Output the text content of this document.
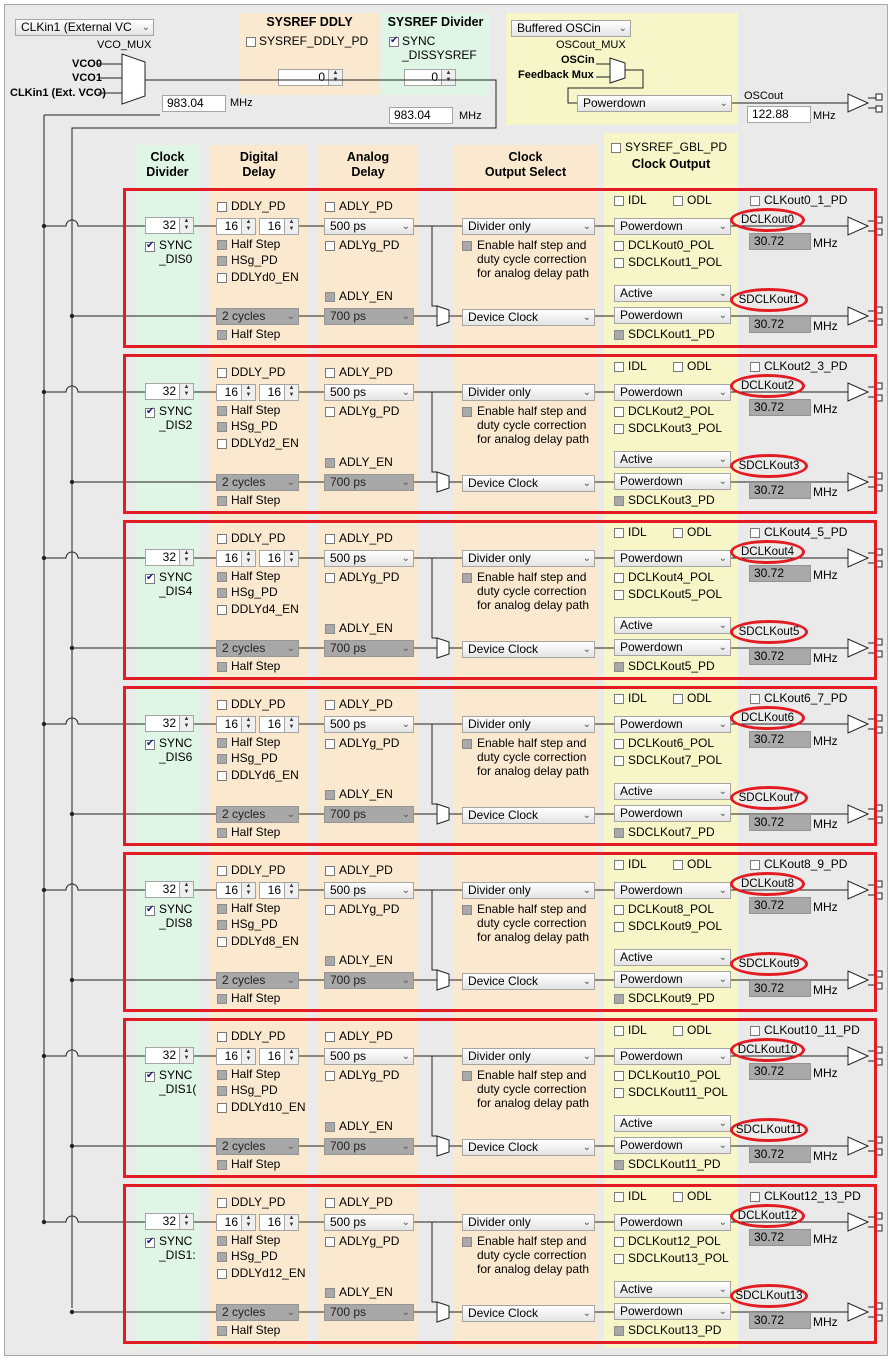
CLKin1 (External VC ⌄
VCO_MUX
VCO0
VCO1
CLKin1 (Ext. VCO)
983.04	MHz
SYSREF DDLY
SYSREF_DDLY_PD
0	▲
▼
SYSREF Divider
✔
SYNC
_DISSYSREF
0	▲
▼
983.04	MHz
Buffered OSCin ⌄
OSCout_MUX
OSCin
Feedback Mux
Powerdown	⌄
OSCout
122.88	MHz
Clock
Divider
Digital
Delay
Analog
Delay
Clock
Output Select
SYSREF_GBL_PD
Clock Output
32	▲
▼
✔
SYNC
_DIS0
DDLY_PD
16	▲
▼	16	▲
▼
Half Step
HSg_PD
DDLYd0_EN
2 cycles ⌄
Half Step
ADLY_PD
500 ps	⌄
ADLYg_PD
ADLY_EN
700 ps	⌄
Divider only	⌄
Enable half step and
duty cycle correction
for analog delay path
Device Clock	⌄
IDL	ODL
Powerdown	⌄
DCLKout0_POL
SDCLKout1_POL
Active	⌄
Powerdown	⌄
SDCLKout1_PD
CLKout0_1_PD
DCLKout0
30.72	MHz
SDCLKout1
30.72	MHz
32	▲
▼
✔
SYNC
_DIS2
DDLY_PD
16	▲
▼	16	▲
▼
Half Step
HSg_PD
DDLYd2_EN
2 cycles ⌄
Half Step
ADLY_PD
500 ps	⌄
ADLYg_PD
ADLY_EN
700 ps	⌄
Divider only	⌄
Enable half step and
duty cycle correction
for analog delay path
Device Clock	⌄
IDL	ODL
Powerdown	⌄
DCLKout2_POL
SDCLKout3_POL
Active	⌄
Powerdown	⌄
SDCLKout3_PD
CLKout2_3_PD
DCLKout2
30.72	MHz
SDCLKout3
30.72	MHz
32	▲
▼
✔
SYNC
_DIS4
DDLY_PD
16	▲
▼	16	▲
▼
Half Step
HSg_PD
DDLYd4_EN
2 cycles ⌄
Half Step
ADLY_PD
500 ps	⌄
ADLYg_PD
ADLY_EN
700 ps	⌄
Divider only	⌄
Enable half step and
duty cycle correction
for analog delay path
Device Clock	⌄
IDL	ODL
Powerdown	⌄
DCLKout4_POL
SDCLKout5_POL
Active	⌄
Powerdown	⌄
SDCLKout5_PD
CLKout4_5_PD
DCLKout4
30.72	MHz
SDCLKout5
30.72	MHz
32	▲
▼
✔
SYNC
_DIS6
DDLY_PD
16	▲
▼	16	▲
▼
Half Step
HSg_PD
DDLYd6_EN
2 cycles ⌄
Half Step
ADLY_PD
500 ps	⌄
ADLYg_PD
ADLY_EN
700 ps	⌄
Divider only	⌄
Enable half step and
duty cycle correction
for analog delay path
Device Clock	⌄
IDL	ODL
Powerdown	⌄
DCLKout6_POL
SDCLKout7_POL
Active	⌄
Powerdown	⌄
SDCLKout7_PD
CLKout6_7_PD
DCLKout6
30.72	MHz
SDCLKout7
30.72	MHz
32	▲
▼
✔
SYNC
_DIS8
DDLY_PD
16	▲
▼	16	▲
▼
Half Step
HSg_PD
DDLYd8_EN
2 cycles ⌄
Half Step
ADLY_PD
500 ps	⌄
ADLYg_PD
ADLY_EN
700 ps	⌄
Divider only	⌄
Enable half step and
duty cycle correction
for analog delay path
Device Clock	⌄
IDL	ODL
Powerdown	⌄
DCLKout8_POL
SDCLKout9_POL
Active	⌄
Powerdown	⌄
SDCLKout9_PD
CLKout8_9_PD
DCLKout8
30.72	MHz
SDCLKout9
30.72	MHz
32	▲
▼
✔
SYNC
_DIS1(
DDLY_PD
16	▲
▼	16	▲
▼
Half Step
HSg_PD
DDLYd10_EN
2 cycles ⌄
Half Step
ADLY_PD
500 ps	⌄
ADLYg_PD
ADLY_EN
700 ps	⌄
Divider only	⌄
Enable half step and
duty cycle correction
for analog delay path
Device Clock	⌄
IDL	ODL
Powerdown	⌄
DCLKout10_POL
SDCLKout11_POL
Active	⌄
Powerdown	⌄
SDCLKout11_PD
CLKout10_11_PD
DCLKout10
30.72	MHz
SDCLKout11
30.72	MHz
32	▲
▼
✔
SYNC
_DIS1:
DDLY_PD
16	▲
▼	16	▲
▼
Half Step
HSg_PD
DDLYd12_EN
2 cycles ⌄
Half Step
ADLY_PD
500 ps	⌄
ADLYg_PD
ADLY_EN
700 ps	⌄
Divider only	⌄
Enable half step and
duty cycle correction
for analog delay path
Device Clock	⌄
IDL	ODL
Powerdown	⌄
DCLKout12_POL
SDCLKout13_POL
Active	⌄
Powerdown	⌄
SDCLKout13_PD
CLKout12_13_PD
DCLKout12
30.72	MHz
SDCLKout13
30.72	MHz
